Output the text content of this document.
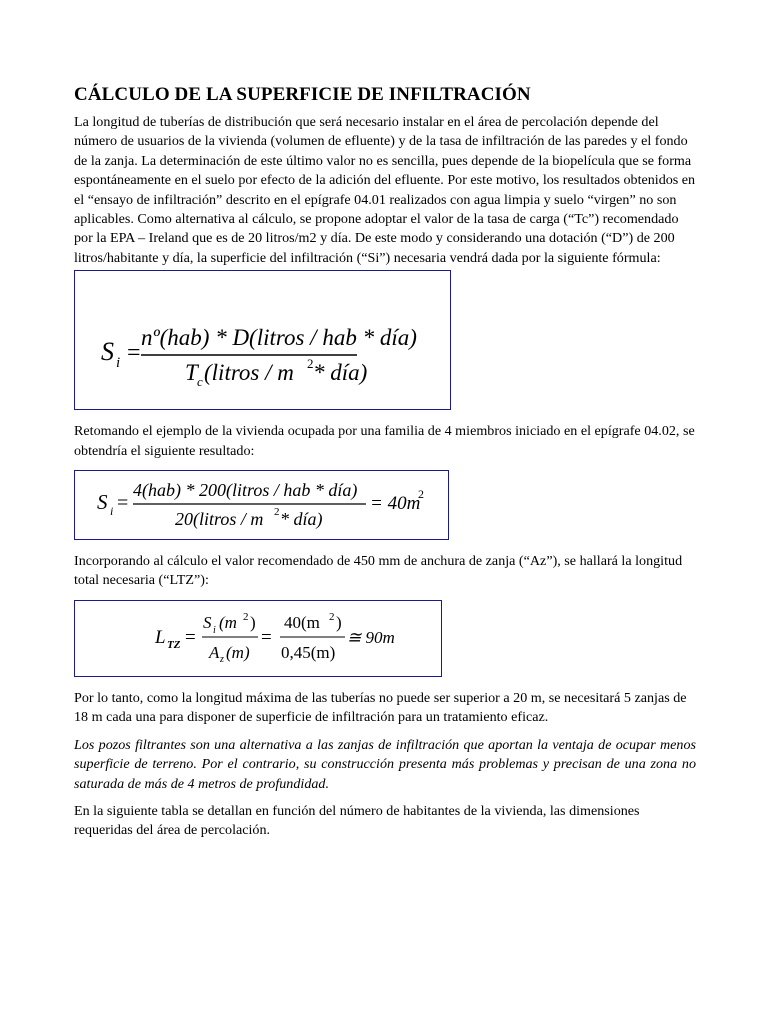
CÁLCULO DE LA SUPERFICIE DE INFILTRACIÓN

La longitud de tuberías de distribución que será necesario instalar en el área de percolación depende del número de usuarios de la vivienda (volumen de efluente) y de la tasa de infiltración de las paredes y el fondo de la zanja. La determinación de este último valor no es sencilla, pues depende de la biopelícula que se forma espontáneamente en el suelo por efecto de la adición del efluente. Por este motivo, los resultados obtenidos en el “ensayo de infiltración” descrito en el epígrafe 04.01 realizados con agua limpia y suelo “virgen” no son aplicables. Como alternativa al cálculo, se propone adoptar el valor de la tasa de carga (“Tc”) recomendado por la EPA – Ireland que es de 20 litros/m2 y día. De este modo y considerando una dotación (“D”) de 200 litros/habitante y día, la superficie del infiltración (“Si”) necesaria vendrá dada por la siguiente fórmula:

S i =
nº(hab) * D(litros / hab * día)
T c (litros / m 2 * día)

Retomando el ejemplo de la vivienda ocupada por una familia de 4 miembros iniciado en el epígrafe 04.02, se obtendría el siguiente resultado:

S i =
4(hab) * 200(litros / hab * día)
20(litros / m 2 * día)
= 40m
2

Incorporando al cálculo el valor recomendado de 450 mm de anchura de zanja (“Az”), se hallará la longitud total necesaria (“LTZ”):

L TZ =
S i (m 2 )
A z (m)
=
40(m 2 )
0,45(m)
≅ 90m

Por lo tanto, como la longitud máxima de las tuberías no puede ser superior a 20 m, se necesitará 5 zanjas de 18 m cada una para disponer de superficie de infiltración para un tratamiento eficaz.

Los pozos filtrantes son una alternativa a las zanjas de infiltración que aportan la ventaja de ocupar menos superficie de terreno. Por el contrario, su construcción presenta más problemas y precisan de una zona no saturada de más de 4 metros de profundidad.

En la siguiente tabla se detallan en función del número de habitantes de la vivienda, las dimensiones requeridas del área de percolación.
